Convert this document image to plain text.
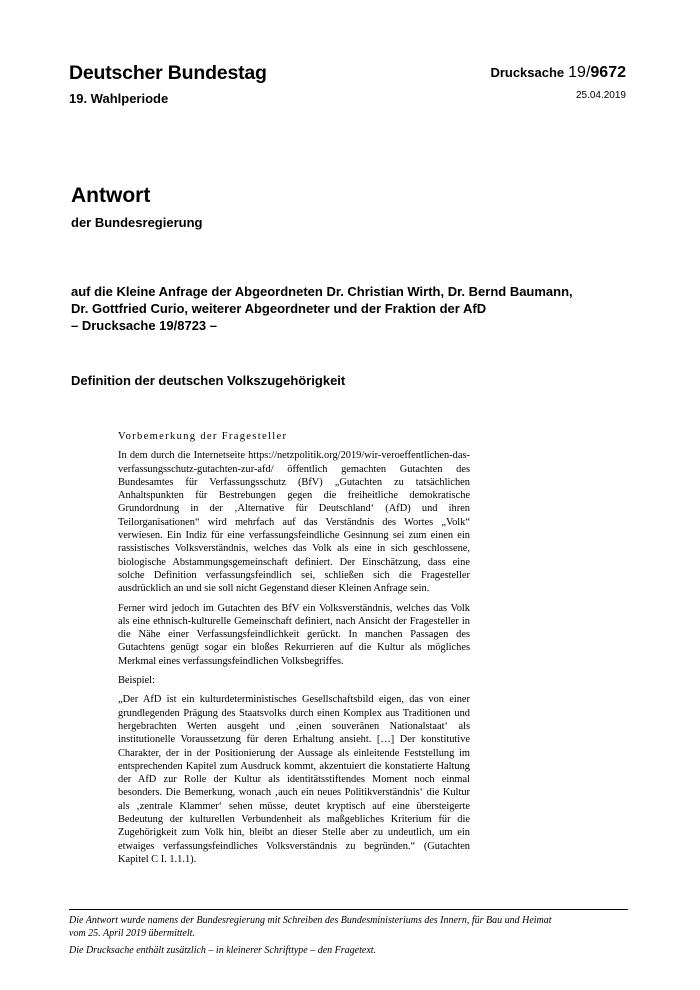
Deutscher Bundestag
19. Wahlperiode
Drucksache 19/9672
25.04.2019
Antwort
der Bundesregierung
auf die Kleine Anfrage der Abgeordneten Dr. Christian Wirth, Dr. Bernd Baumann,
Dr. Gottfried Curio, weiterer Abgeordneter und der Fraktion der AfD
– Drucksache 19/8723 –
Definition der deutschen Volkszugehörigkeit
Vorbemerkung der Fragesteller

In dem durch die Internetseite https://netzpolitik.org/2019/wir-veroeffentlichen-das-verfassungsschutz-gutachten-zur-afd/ öffentlich gemachten Gutachten des Bundesamtes für Verfassungsschutz (BfV) „Gutachten zu tatsächlichen Anhaltspunkten für Bestrebungen gegen die freiheitliche demokratische Grundordnung in der ‚Alternative für Deutschland‘ (AfD) und ihren Teilorganisationen“ wird mehrfach auf das Verständnis des Wortes „Volk“ verwiesen. Ein Indiz für eine verfassungsfeindliche Gesinnung sei zum einen ein rassistisches Volksverständnis, welches das Volk als eine in sich geschlossene, biologische Abstammungsgemeinschaft definiert. Der Einschätzung, dass eine solche Definition verfassungsfeindlich sei, schließen sich die Fragesteller ausdrücklich an und sie soll nicht Gegenstand dieser Kleinen Anfrage sein.

Ferner wird jedoch im Gutachten des BfV ein Volksverständnis, welches das Volk als eine ethnisch-kulturelle Gemeinschaft definiert, nach Ansicht der Fragesteller in die Nähe einer Verfassungsfeindlichkeit gerückt. In manchen Passagen des Gutachtens genügt sogar ein bloßes Rekurrieren auf die Kultur als mögliches Merkmal eines verfassungsfeindlichen Volksbegriffes.

Beispiel:

„Der AfD ist ein kulturdeterministisches Gesellschaftsbild eigen, das von einer grundlegenden Prägung des Staatsvolks durch einen Komplex aus Traditionen und hergebrachten Werten ausgeht und ‚einen souveränen Nationalstaat‘ als institutionelle Voraussetzung für deren Erhaltung ansieht. […] Der konstitutive Charakter, der in der Positionierung der Aussage als einleitende Feststellung im entsprechenden Kapitel zum Ausdruck kommt, akzentuiert die konstatierte Haltung der AfD zur Rolle der Kultur als identitätsstiftendes Moment noch einmal besonders. Die Bemerkung, wonach ‚auch ein neues Politikverständnis‘ die Kultur als ‚zentrale Klammer‘ sehen müsse, deutet kryptisch auf eine übersteigerte Bedeutung der kulturellen Verbundenheit als maßgebliches Kriterium für die Zugehörigkeit zum Volk hin, bleibt an dieser Stelle aber zu undeutlich, um ein etwaiges verfassungsfeindliches Volksverständnis zu begründen.“ (Gutachten Kapitel C I. 1.1.1).

Die Antwort wurde namens der Bundesregierung mit Schreiben des Bundesministeriums des Innern, für Bau und Heimat
vom 25. April 2019 übermittelt.
Die Drucksache enthält zusätzlich – in kleinerer Schrifttype – den Fragetext.
